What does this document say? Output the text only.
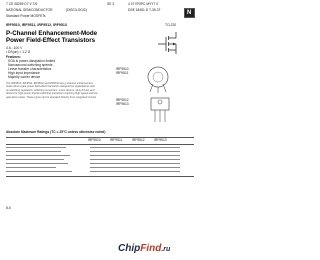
7 CE 08259 D7 V T/6	SE 3	4 07 ERIPC MYY7 0
NATIONAL SEMICONDUCTOR	(DISC/LOGIC)	DSE 18451 D T-39-37
Standard Power MOSFETs	N
IRF9510, IRF9511, IRF9512, IRF9513	TO-220
P-Channel Enhancement-Mode
Power Field-Effect Transistors
4 A, -100 V
r DS(on) = 1.2 Ω
Features:
SOA is power-dissipation limited
Nanosecond switching speeds
Linear transfer characteristics
High input impedance
Majority carrier device
IRF9510
IRF9511
The IRF9510, IRF9511, IRF9512 and IRF9513 are p-channel enhancement-mode silicon-gate power field-effect transistors designed for applications such as switching regulators, switching converters, motor drivers, relay drivers and drivers for high-power bipolar switching transistors requiring high speed and low gate-drive power. These types can be operated directly from integrated circuits.
IRF9512
IRF9513
Absolute Maximum Ratings (TC = 25°C unless otherwise noted)
IRF9510	IRF9511	IRF9512	IRF9513
8-5
ChipFind.ru
